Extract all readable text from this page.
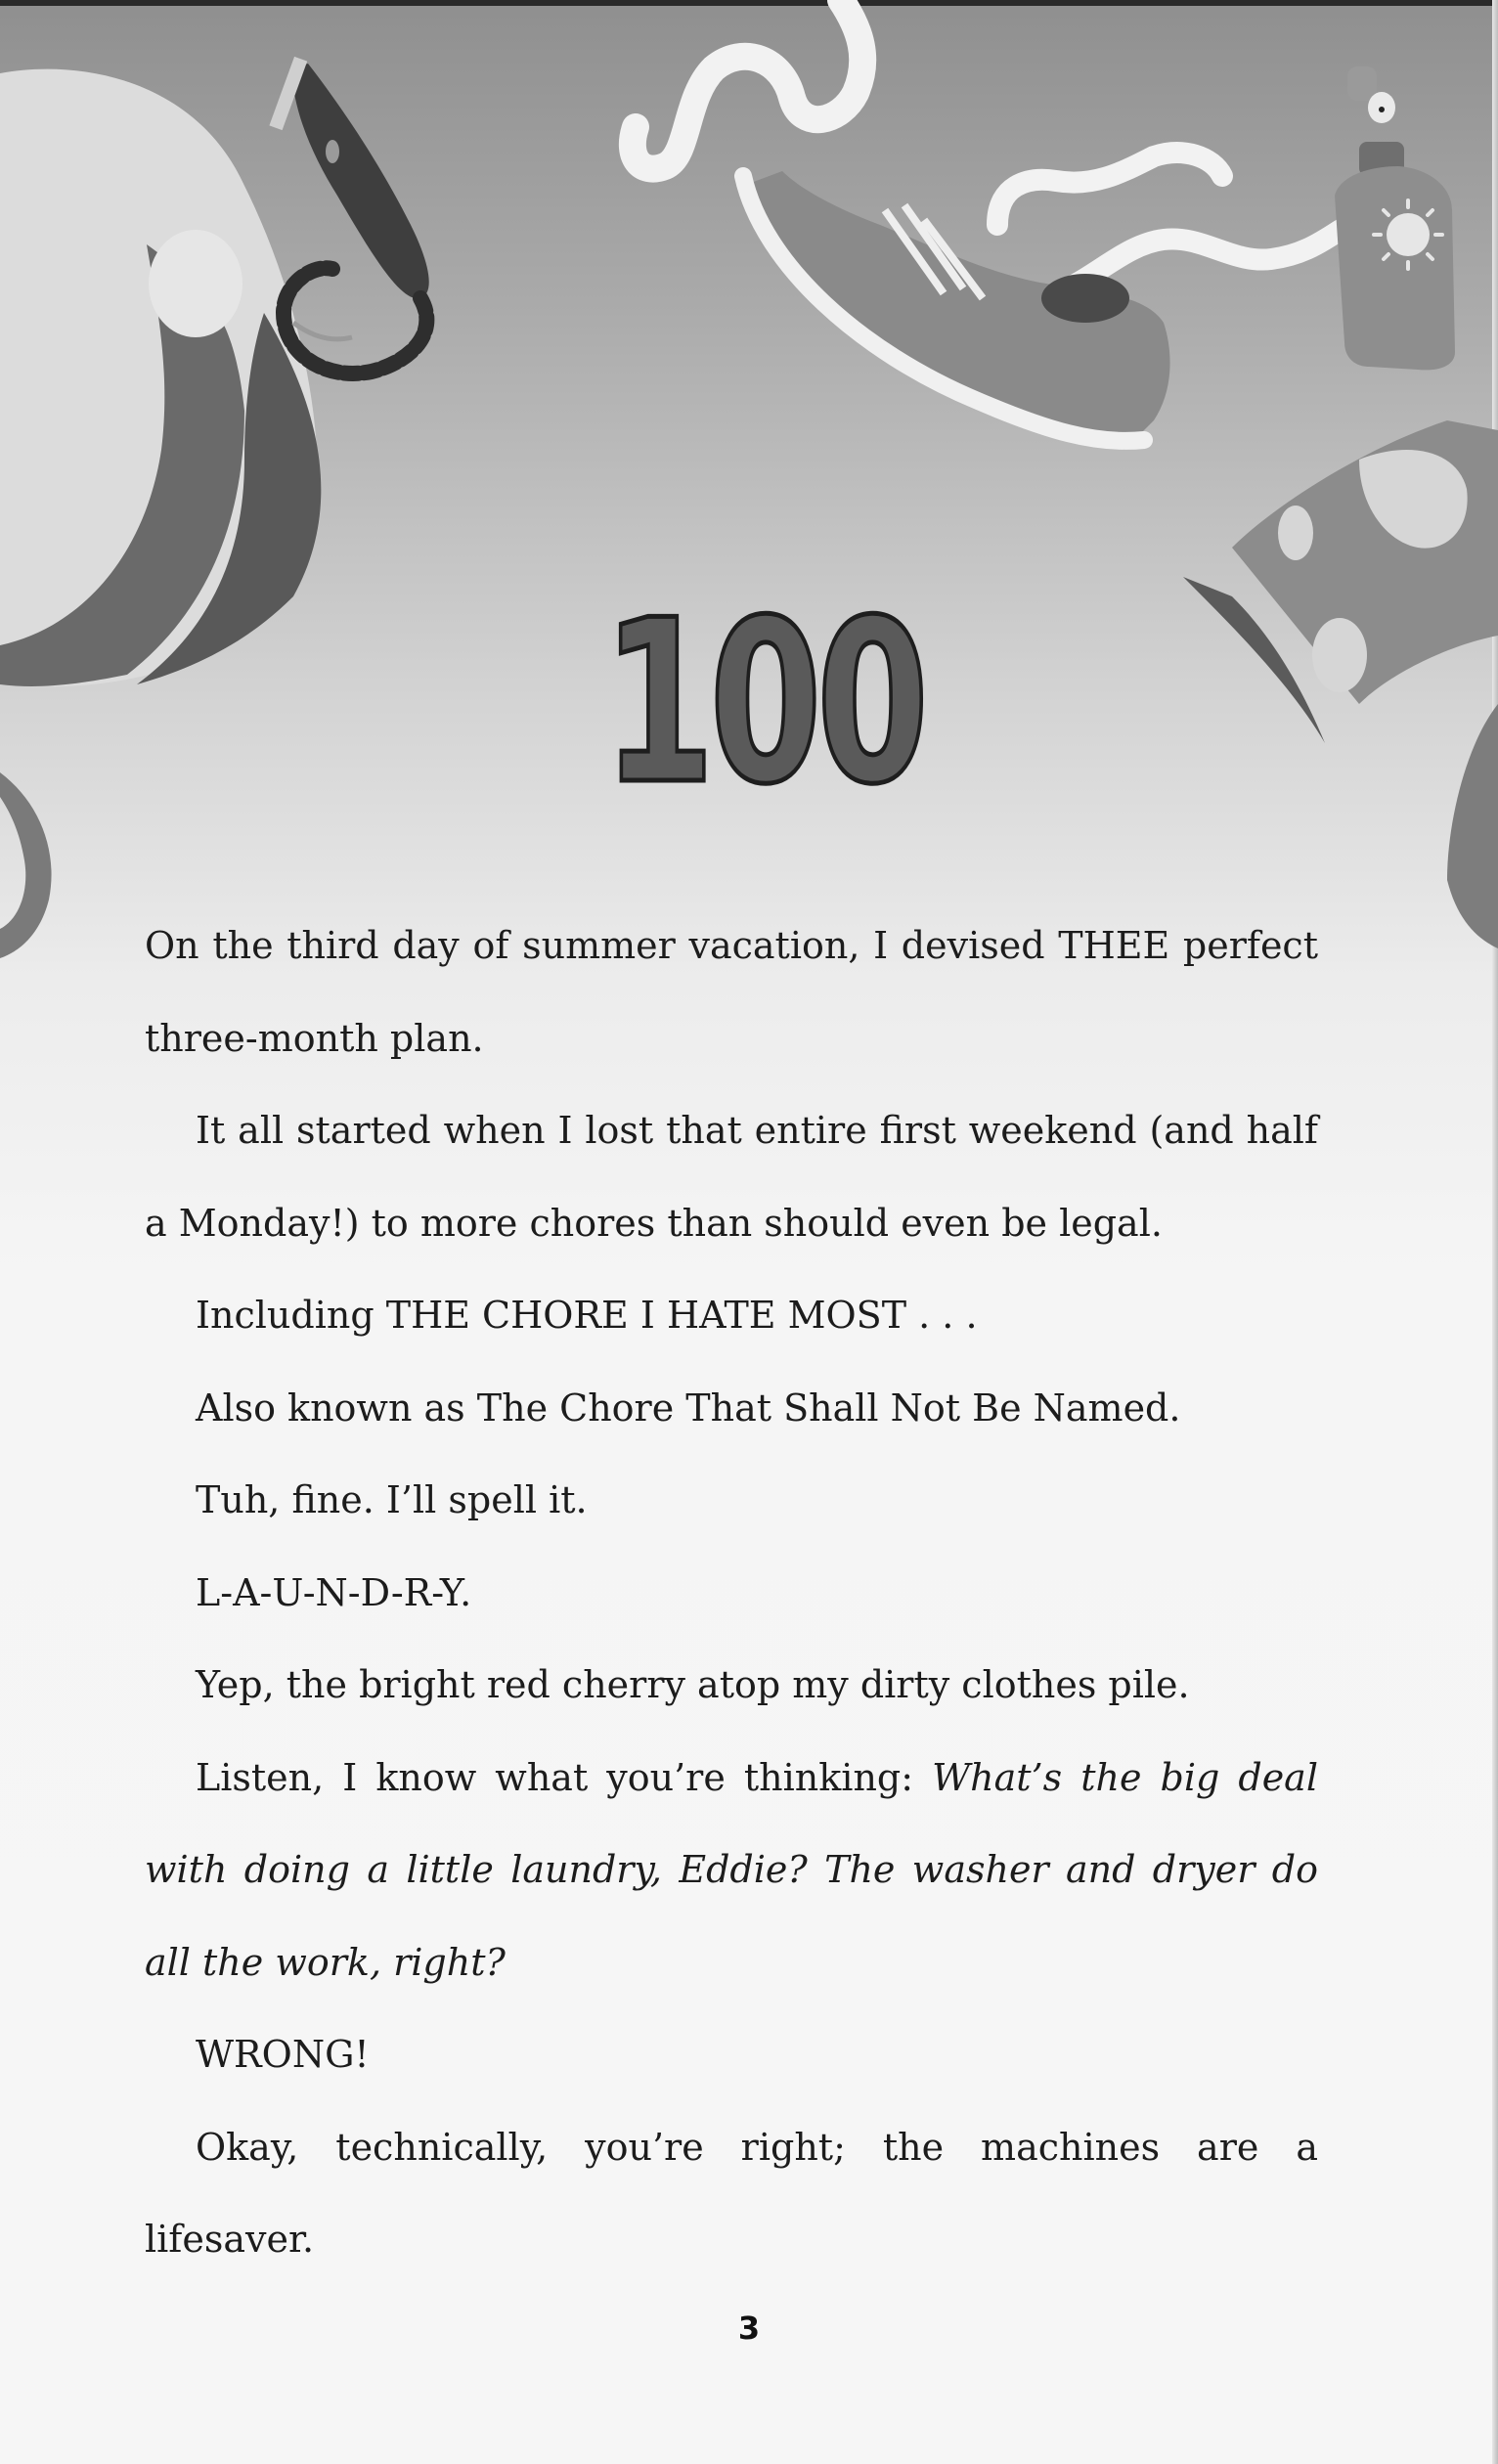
100

On the third day of summer vacation, I devised THEE perfect three-month plan.

It all started when I lost that entire first weekend (and half a Monday!) to more chores than should even be legal.

Including THE CHORE I HATE MOST . . .

Also known as The Chore That Shall Not Be Named.

Tuh, fine. I’ll spell it.

L-A-U-N-D-R-Y.

Yep, the bright red cherry atop my dirty clothes pile.

Listen, I know what you’re thinking: What’s the big deal with doing a little laundry, Eddie? The washer and dryer do all the work, right?

WRONG!

Okay, technically, you’re right; the machines are a lifesaver.

3
